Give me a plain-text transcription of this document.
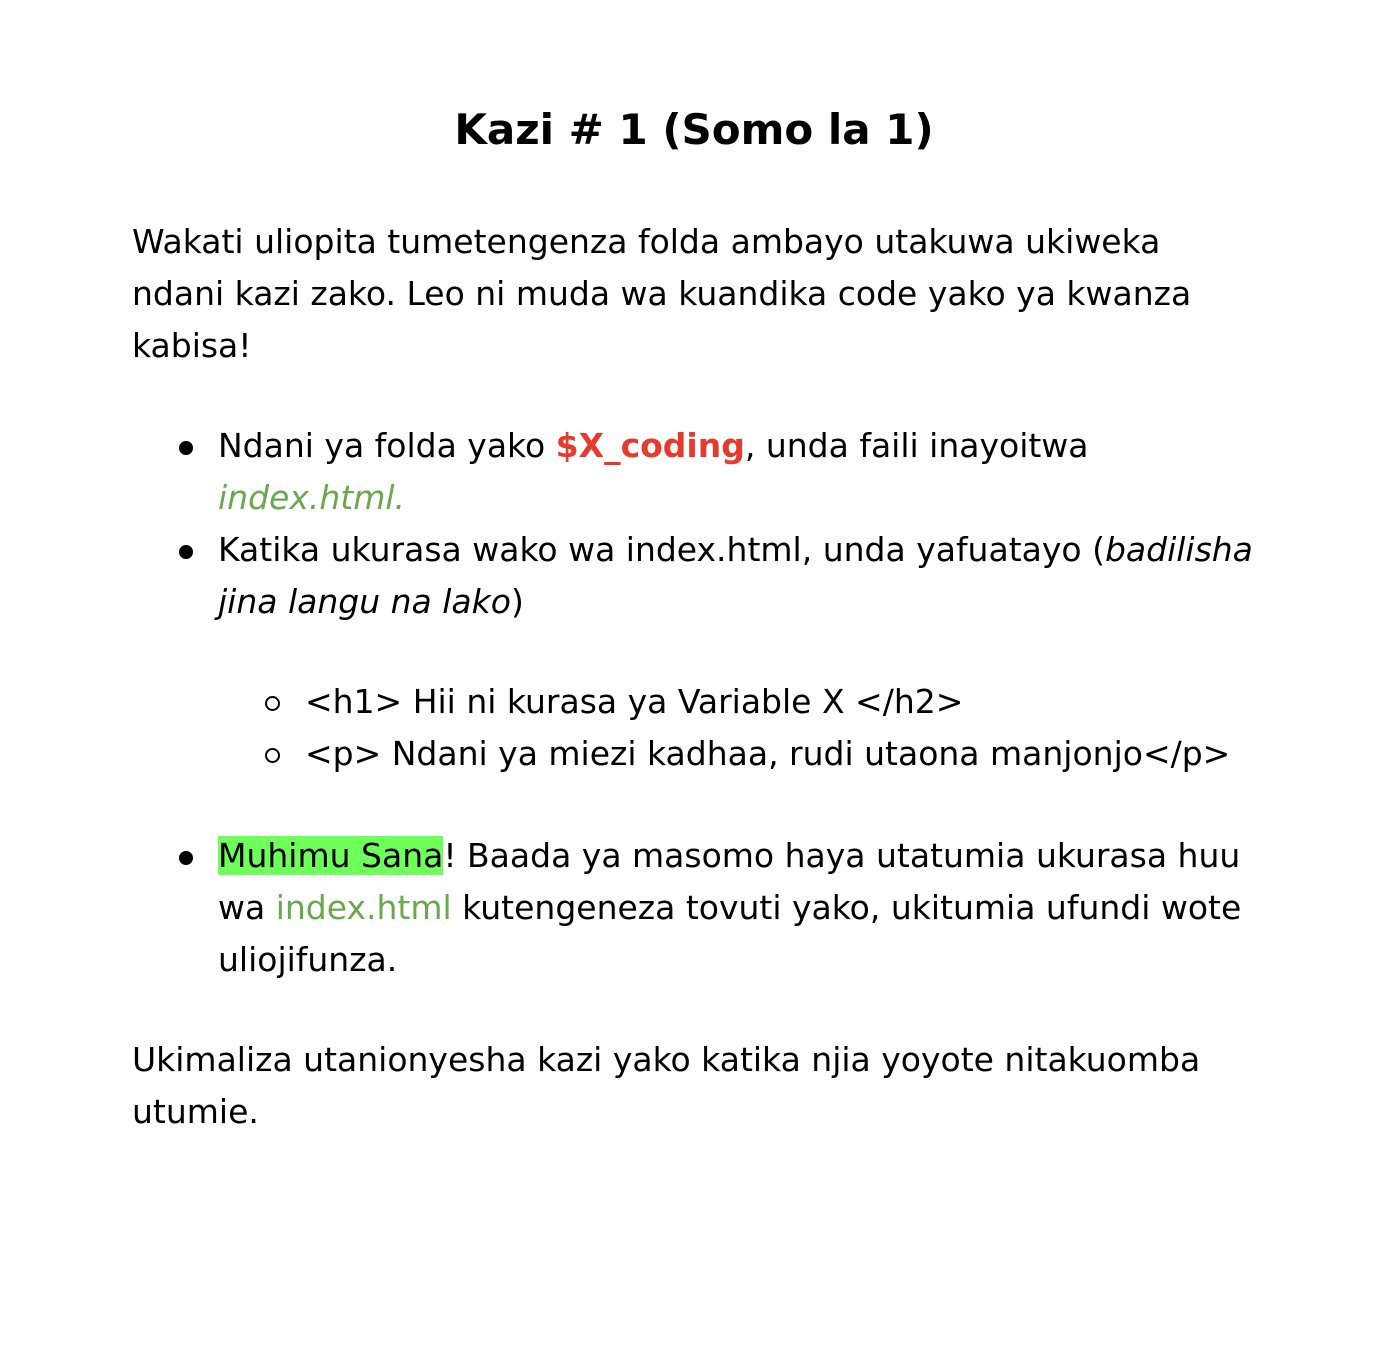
Kazi # 1 (Somo la 1)

Wakati uliopita tumetengenza folda ambayo utakuwa ukiweka ndani kazi zako. Leo ni muda wa kuandika code yako ya kwanza kabisa!

Ndani ya folda yako $X_coding, unda faili inayoitwa index.html.
Katika ukurasa wako wa index.html, unda yafuatayo (badilisha jina langu na lako)
<h1> Hii ni kurasa ya Variable X </h2>
<p> Ndani ya miezi kadhaa, rudi utaona manjonjo</p>
Muhimu Sana! Baada ya masomo haya utatumia ukurasa huu wa index.html kutengeneza tovuti yako, ukitumia ufundi wote uliojifunza.

Ukimaliza utanionyesha kazi yako katika njia yoyote nitakuomba utumie.
